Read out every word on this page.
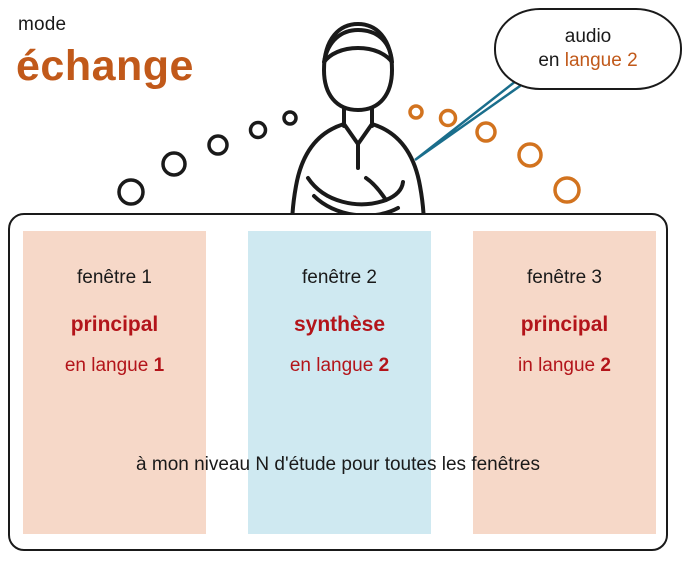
mode
échange
fenêtre 1
principal
en langue 1
fenêtre 2
synthèse
en langue 2
fenêtre 3
principal
in langue 2
à mon niveau N d'étude pour toutes les fenêtres
audio
en langue 2
